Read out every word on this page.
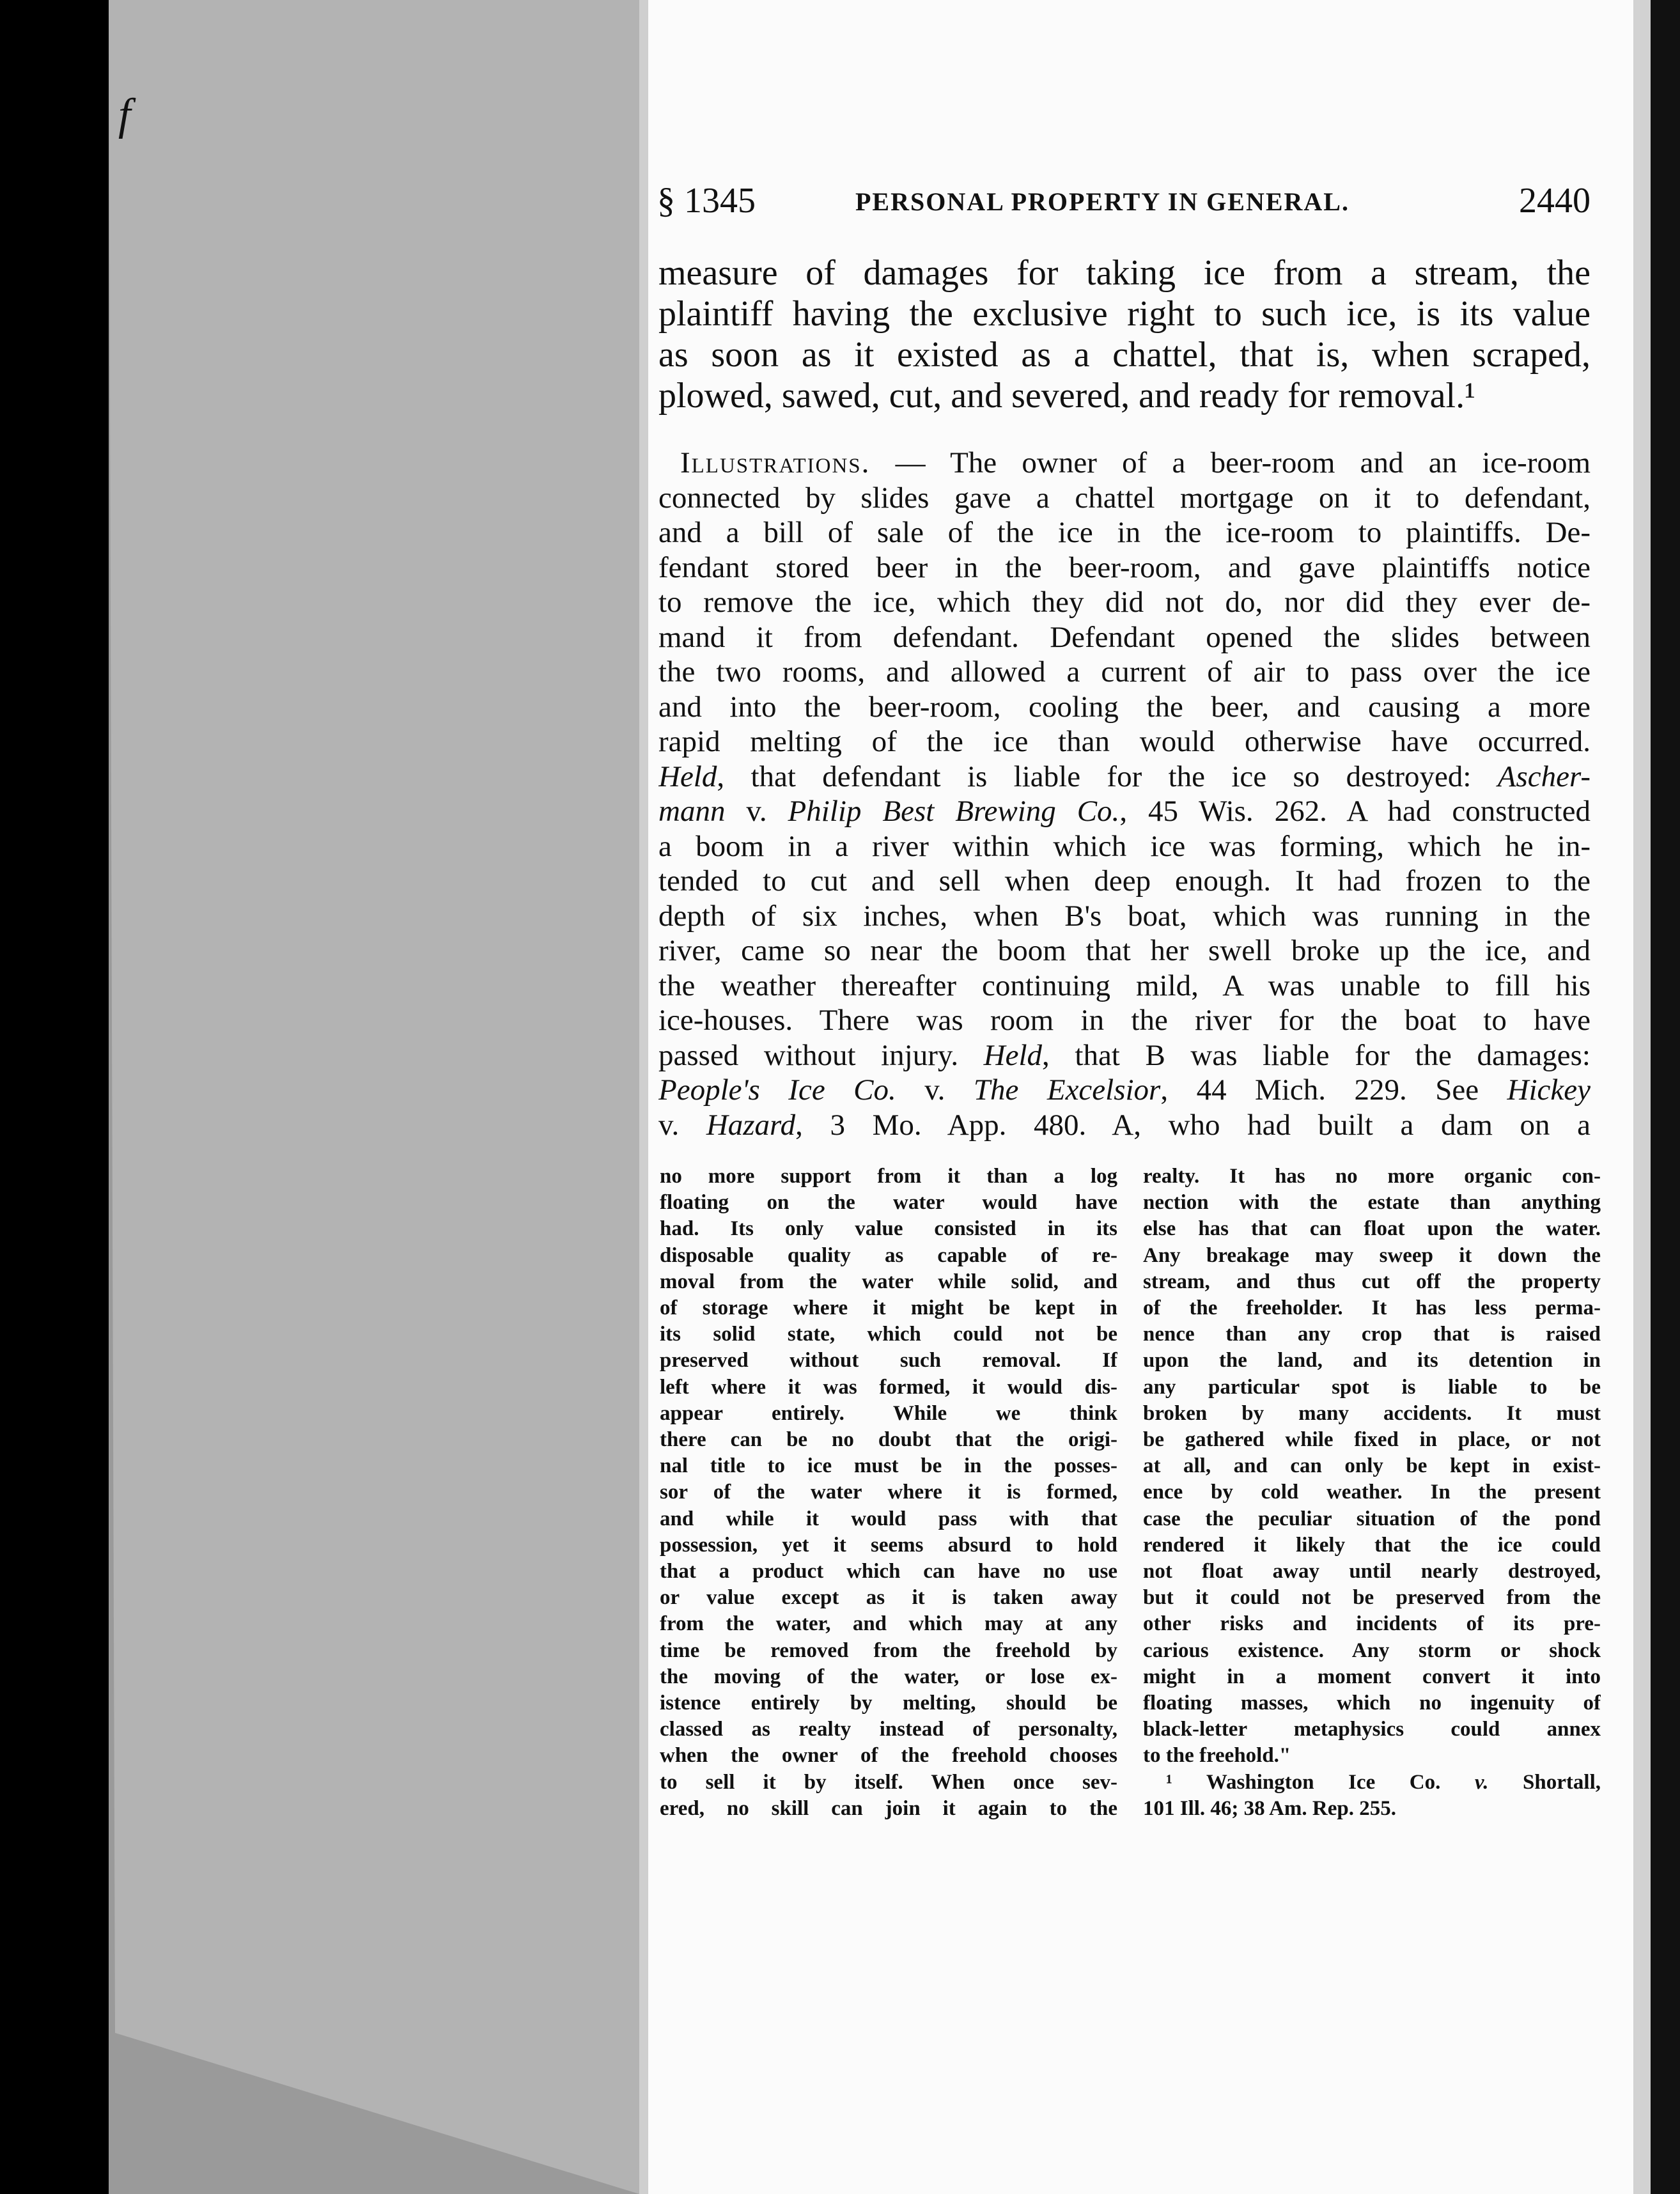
f
§ 1345	PERSONAL PROPERTY IN GENERAL.	2440
measure of damages for taking ice from a stream, the
plaintiff having the exclusive right to such ice, is its value
as soon as it existed as a chattel, that is, when scraped,
plowed, sawed, cut, and severed, and ready for removal.¹
Illustrations. — The owner of a beer-room and an ice-room
connected by slides gave a chattel mortgage on it to defendant,
and a bill of sale of the ice in the ice-room to plaintiffs. De-
fendant stored beer in the beer-room, and gave plaintiffs notice
to remove the ice, which they did not do, nor did they ever de-
mand it from defendant. Defendant opened the slides between
the two rooms, and allowed a current of air to pass over the ice
and into the beer-room, cooling the beer, and causing a more
rapid melting of the ice than would otherwise have occurred.
Held, that defendant is liable for the ice so destroyed: Ascher-
mann v. Philip Best Brewing Co., 45 Wis. 262. A had constructed
a boom in a river within which ice was forming, which he in-
tended to cut and sell when deep enough. It had frozen to the
depth of six inches, when B's boat, which was running in the
river, came so near the boom that her swell broke up the ice, and
the weather thereafter continuing mild, A was unable to fill his
ice-houses. There was room in the river for the boat to have
passed without injury. Held, that B was liable for the damages:
People's Ice Co. v. The Excelsior, 44 Mich. 229. See Hickey
v. Hazard, 3 Mo. App. 480. A, who had built a dam on a
no more support from it than a log
floating on the water would have
had. Its only value consisted in its
disposable quality as capable of re-
moval from the water while solid, and
of storage where it might be kept in
its solid state, which could not be
preserved without such removal. If
left where it was formed, it would dis-
appear entirely. While we think
there can be no doubt that the origi-
nal title to ice must be in the posses-
sor of the water where it is formed,
and while it would pass with that
possession, yet it seems absurd to hold
that a product which can have no use
or value except as it is taken away
from the water, and which may at any
time be removed from the freehold by
the moving of the water, or lose ex-
istence entirely by melting, should be
classed as realty instead of personalty,
when the owner of the freehold chooses
to sell it by itself. When once sev-
ered, no skill can join it again to the
realty. It has no more organic con-
nection with the estate than anything
else has that can float upon the water.
Any breakage may sweep it down the
stream, and thus cut off the property
of the freeholder. It has less perma-
nence than any crop that is raised
upon the land, and its detention in
any particular spot is liable to be
broken by many accidents. It must
be gathered while fixed in place, or not
at all, and can only be kept in exist-
ence by cold weather. In the present
case the peculiar situation of the pond
rendered it likely that the ice could
not float away until nearly destroyed,
but it could not be preserved from the
other risks and incidents of its pre-
carious existence. Any storm or shock
might in a moment convert it into
floating masses, which no ingenuity of
black-letter metaphysics could annex
to the freehold."
¹ Washington Ice Co. v. Shortall,
101 Ill. 46; 38 Am. Rep. 255.
